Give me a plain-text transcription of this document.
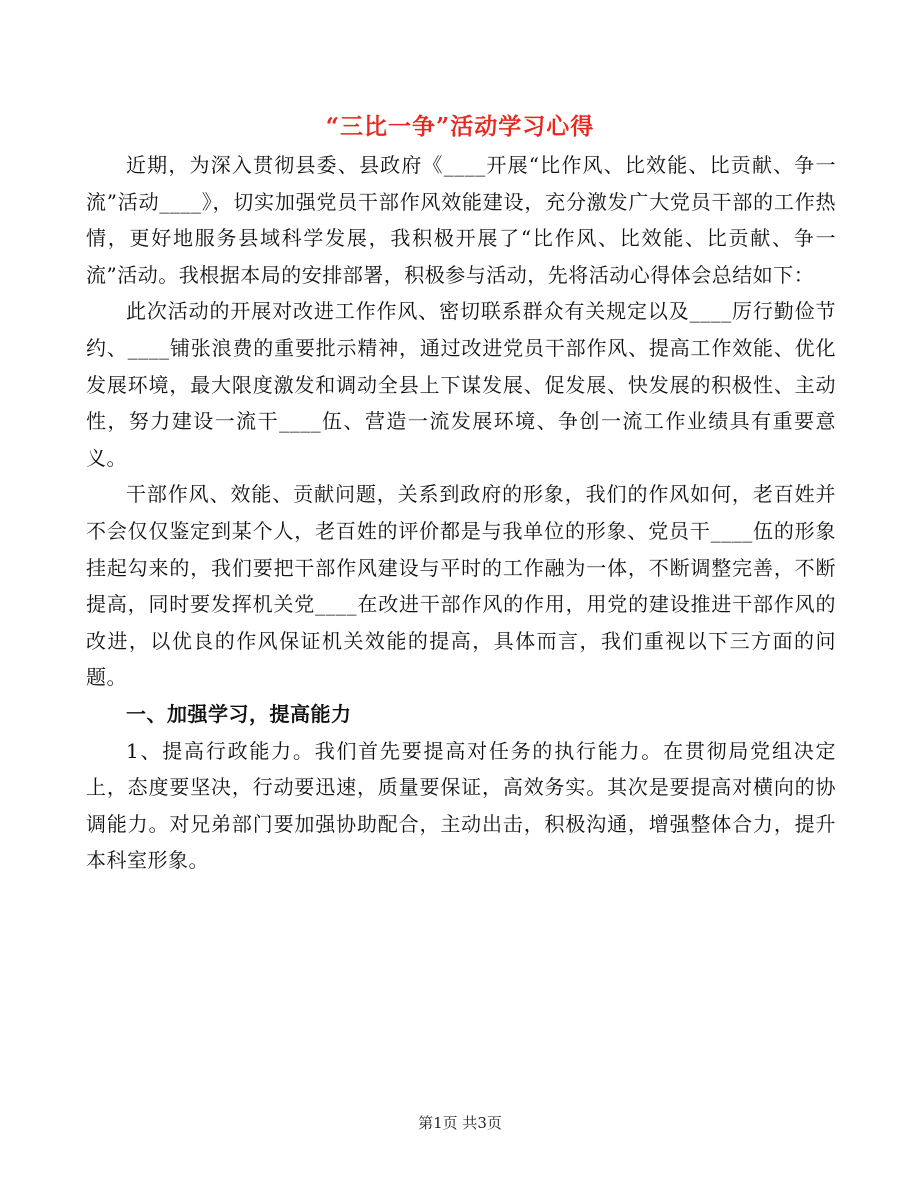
“三比一争”活动学习心得

近期，为深入贯彻县委、县政府《____开展“比作风、比效能、比贡献、争一流”活动____》，切实加强党员干部作风效能建设，充分激发广大党员干部的工作热情，更好地服务县域科学发展，我积极开展了“比作风、比效能、比贡献、争一流”活动。我根据本局的安排部署，积极参与活动，先将活动心得体会总结如下：

此次活动的开展对改进工作作风、密切联系群众有关规定以及____厉行勤俭节约、____铺张浪费的重要批示精神，通过改进党员干部作风、提高工作效能、优化发展环境，最大限度激发和调动全县上下谋发展、促发展、快发展的积极性、主动性，努力建设一流干____伍、营造一流发展环境、争创一流工作业绩具有重要意义。

干部作风、效能、贡献问题，关系到政府的形象，我们的作风如何，老百姓并不会仅仅鉴定到某个人，老百姓的评价都是与我单位的形象、党员干____伍的形象挂起勾来的，我们要把干部作风建设与平时的工作融为一体，不断调整完善，不断提高，同时要发挥机关党____在改进干部作风的作用，用党的建设推进干部作风的改进，以优良的作风保证机关效能的提高，具体而言，我们重视以下三方面的问题。

一、加强学习，提高能力

1、提高行政能力。我们首先要提高对任务的执行能力。在贯彻局党组决定上，态度要坚决，行动要迅速，质量要保证，高效务实。其次是要提高对横向的协调能力。对兄弟部门要加强协助配合，主动出击，积极沟通，增强整体合力，提升本科室形象。

第1页 共3页
